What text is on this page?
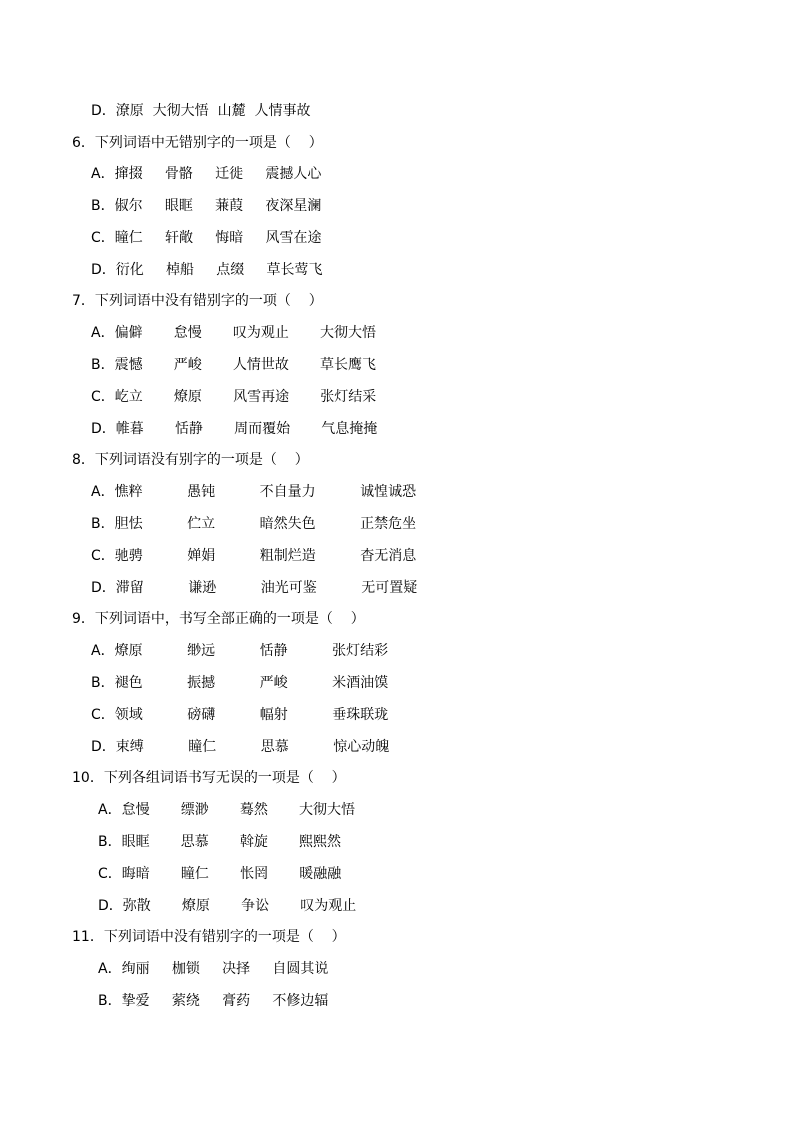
D．潦原  大彻大悟  山麓  人情事故
6．下列词语中无错别字的一项是（    ）
A．撺掇     骨骼     迁徙     震撼人心
B．俶尔     眼眶     蒹葭     夜深星澜
C．瞳仁     轩敞     悔暗     风雪在途
D．衍化     棹船     点缀     草长莺飞
7．下列词语中没有错别字的一项（    ）
A．偏僻       怠慢       叹为观止       大彻大悟
B．震憾       严峻       人情世故       草长鹰飞
C．屹立       燎原       风雪再途       张灯结采
D．帷暮       恬静       周而覆始       气息掩掩
8．下列词语没有别字的一项是（    ）
A．憔粹          愚钝          不自量力          诚惶诚恐
B．胆怯          伫立          暗然失色          正禁危坐
C．驰骋          婵娟          粗制烂造          杳无消息
D．滞留          谦逊          油光可鉴          无可置疑
9．下列词语中，书写全部正确的一项是（    ）
A．燎原          缈远          恬静          张灯结彩
B．褪色          振撼          严峻          米酒油馍
C．领域          磅礴          幅射          垂珠联珑
D．束缚          瞳仁          思慕          惊心动魄
10．下列各组词语书写无误的一项是（    ）
A．怠慢       缥渺       蓦然       大彻大悟
B．眼眶       思慕       斡旋       熙熙然
C．晦暗       瞳仁       怅罔       暖融融
D．弥散       燎原       争讼       叹为观止
11．下列词语中没有错别字的一项是（    ）
A．绚丽     枷锁     决择     自圆其说
B．挚爱     萦绕     膏药     不修边辐
